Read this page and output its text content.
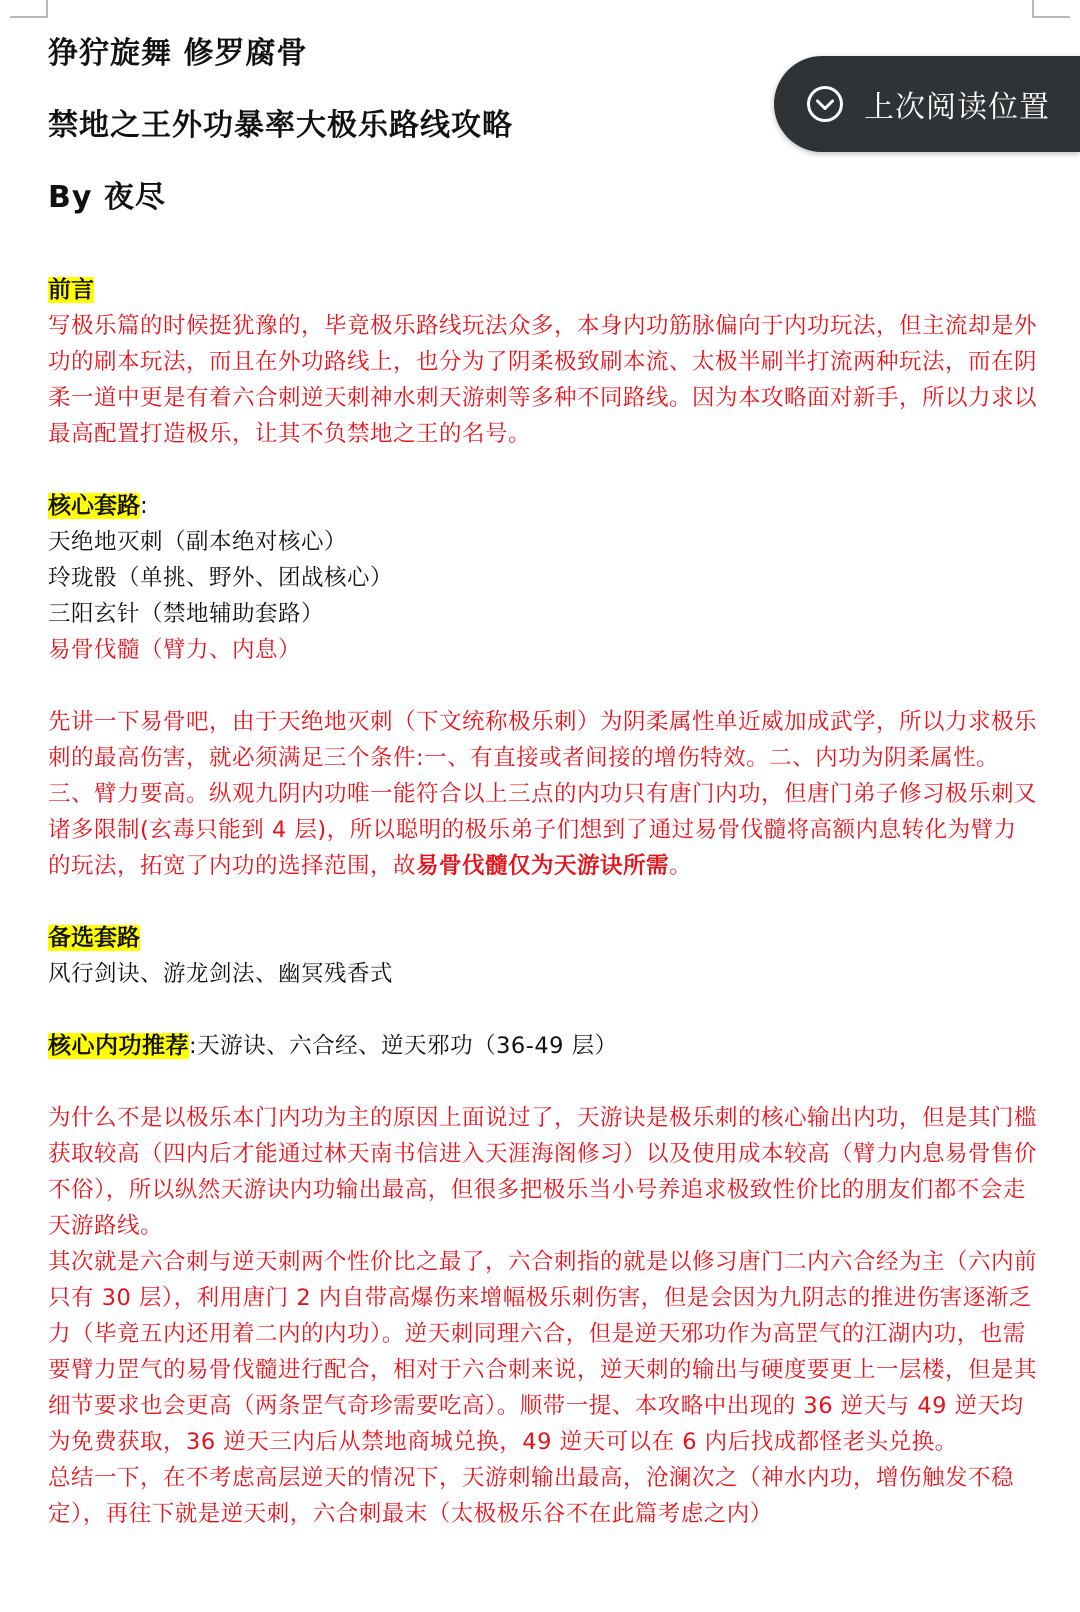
狰狞旋舞 修罗腐骨

禁地之王外功暴率大极乐路线攻略

By 夜尽

前言

写极乐篇的时候挺犹豫的，毕竟极乐路线玩法众多，本身内功筋脉偏向于内功玩法，但主流却是外功的刷本玩法，而且在外功路线上，也分为了阴柔极致刷本流、太极半刷半打流两种玩法，而在阴柔一道中更是有着六合刺逆天刺神水刺天游刺等多种不同路线。因为本攻略面对新手，所以力求以最高配置打造极乐，让其不负禁地之王的名号。

核心套路:

天绝地灭刺（副本绝对核心）

玲珑骰（单挑、野外、团战核心）

三阳玄针（禁地辅助套路）

易骨伐髓（臂力、内息）

先讲一下易骨吧，由于天绝地灭刺（下文统称极乐刺）为阴柔属性单近威加成武学，所以力求极乐刺的最高伤害，就必须满足三个条件:一、有直接或者间接的增伤特效。二、内功为阴柔属性。三、臂力要高。纵观九阴内功唯一能符合以上三点的内功只有唐门内功，但唐门弟子修习极乐刺又诸多限制(玄毒只能到 4 层)，所以聪明的极乐弟子们想到了通过易骨伐髓将高额内息转化为臂力的玩法，拓宽了内功的选择范围，故易骨伐髓仅为天游诀所需。

备选套路

风行剑诀、游龙剑法、幽冥残香式

核心内功推荐:天游诀、六合经、逆天邪功（36-49 层）

为什么不是以极乐本门内功为主的原因上面说过了，天游诀是极乐刺的核心输出内功，但是其门槛获取较高（四内后才能通过林天南书信进入天涯海阁修习）以及使用成本较高（臂力内息易骨售价不俗），所以纵然天游诀内功输出最高，但很多把极乐当小号养追求极致性价比的朋友们都不会走天游路线。

其次就是六合刺与逆天刺两个性价比之最了，六合刺指的就是以修习唐门二内六合经为主（六内前只有 30 层），利用唐门 2 内自带高爆伤来增幅极乐刺伤害，但是会因为九阴志的推进伤害逐渐乏力（毕竟五内还用着二内的内功）。逆天刺同理六合，但是逆天邪功作为高罡气的江湖内功，也需要臂力罡气的易骨伐髓进行配合，相对于六合刺来说，逆天刺的输出与硬度要更上一层楼，但是其细节要求也会更高（两条罡气奇珍需要吃高）。顺带一提、本攻略中出现的 36 逆天与 49 逆天均为免费获取，36 逆天三内后从禁地商城兑换，49 逆天可以在 6 内后找成都怪老头兑换。

总结一下，在不考虑高层逆天的情况下，天游刺输出最高，沧澜次之（神水内功，增伤触发不稳定），再往下就是逆天刺，六合刺最末（太极极乐谷不在此篇考虑之内）

上次阅读位置
